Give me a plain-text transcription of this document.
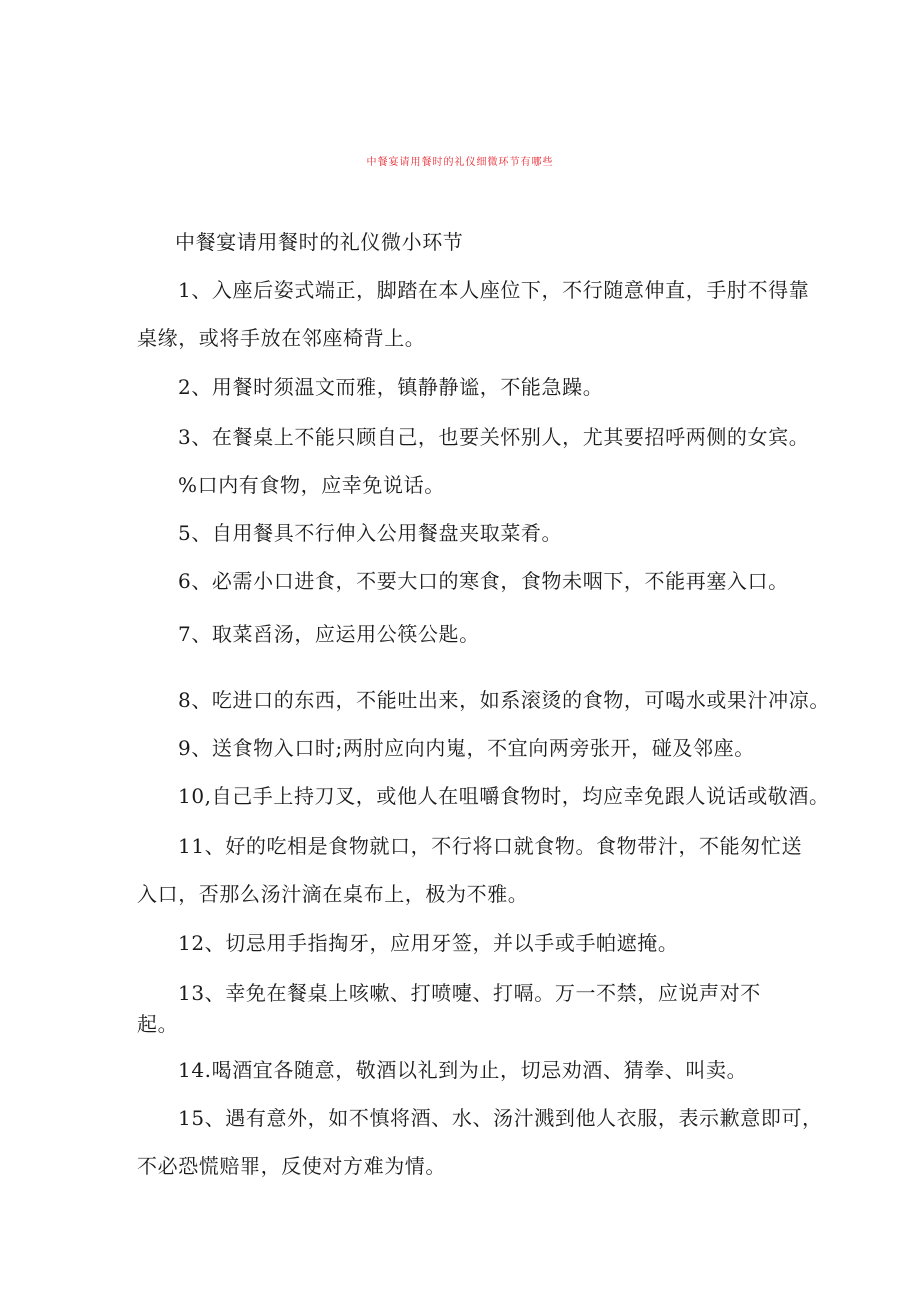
中餐宴请用餐时的礼仪细微环节有哪些
中餐宴请用餐时的礼仪微小环节
1、入座后姿式端正，脚踏在本人座位下，不行随意伸直，手肘不得靠
桌缘，或将手放在邻座椅背上。
2、用餐时须温文而雅，镇静静谧，不能急躁。
3、在餐桌上不能只顾自己，也要关怀别人，尤其要招呼两侧的女宾。
%口内有食物，应幸免说话。
5、自用餐具不行伸入公用餐盘夹取菜肴。
6、必需小口进食，不要大口的寒食，食物未咽下，不能再塞入口。
7、取菜舀汤，应运用公筷公匙。
8、吃进口的东西，不能吐出来，如系滚烫的食物，可喝水或果汁冲凉。
9、送食物入口时;两肘应向内嵬，不宜向两旁张开，碰及邻座。
10,自己手上持刀叉，或他人在咀嚼食物时，均应幸免跟人说话或敬酒。
11、好的吃相是食物就口，不行将口就食物。食物带汁，不能匆忙送
入口，否那么汤汁滴在桌布上，极为不雅。
12、切忌用手指掏牙，应用牙签，并以手或手帕遮掩。
13、幸免在餐桌上咳嗽、打喷嚏、打嗝。万一不禁，应说声对不
起。
14.喝酒宜各随意，敬酒以礼到为止，切忌劝酒、猜拳、叫卖。
15、遇有意外，如不慎将酒、水、汤汁溅到他人衣服，表示歉意即可，
不必恐慌赔罪，反使对方难为情。
